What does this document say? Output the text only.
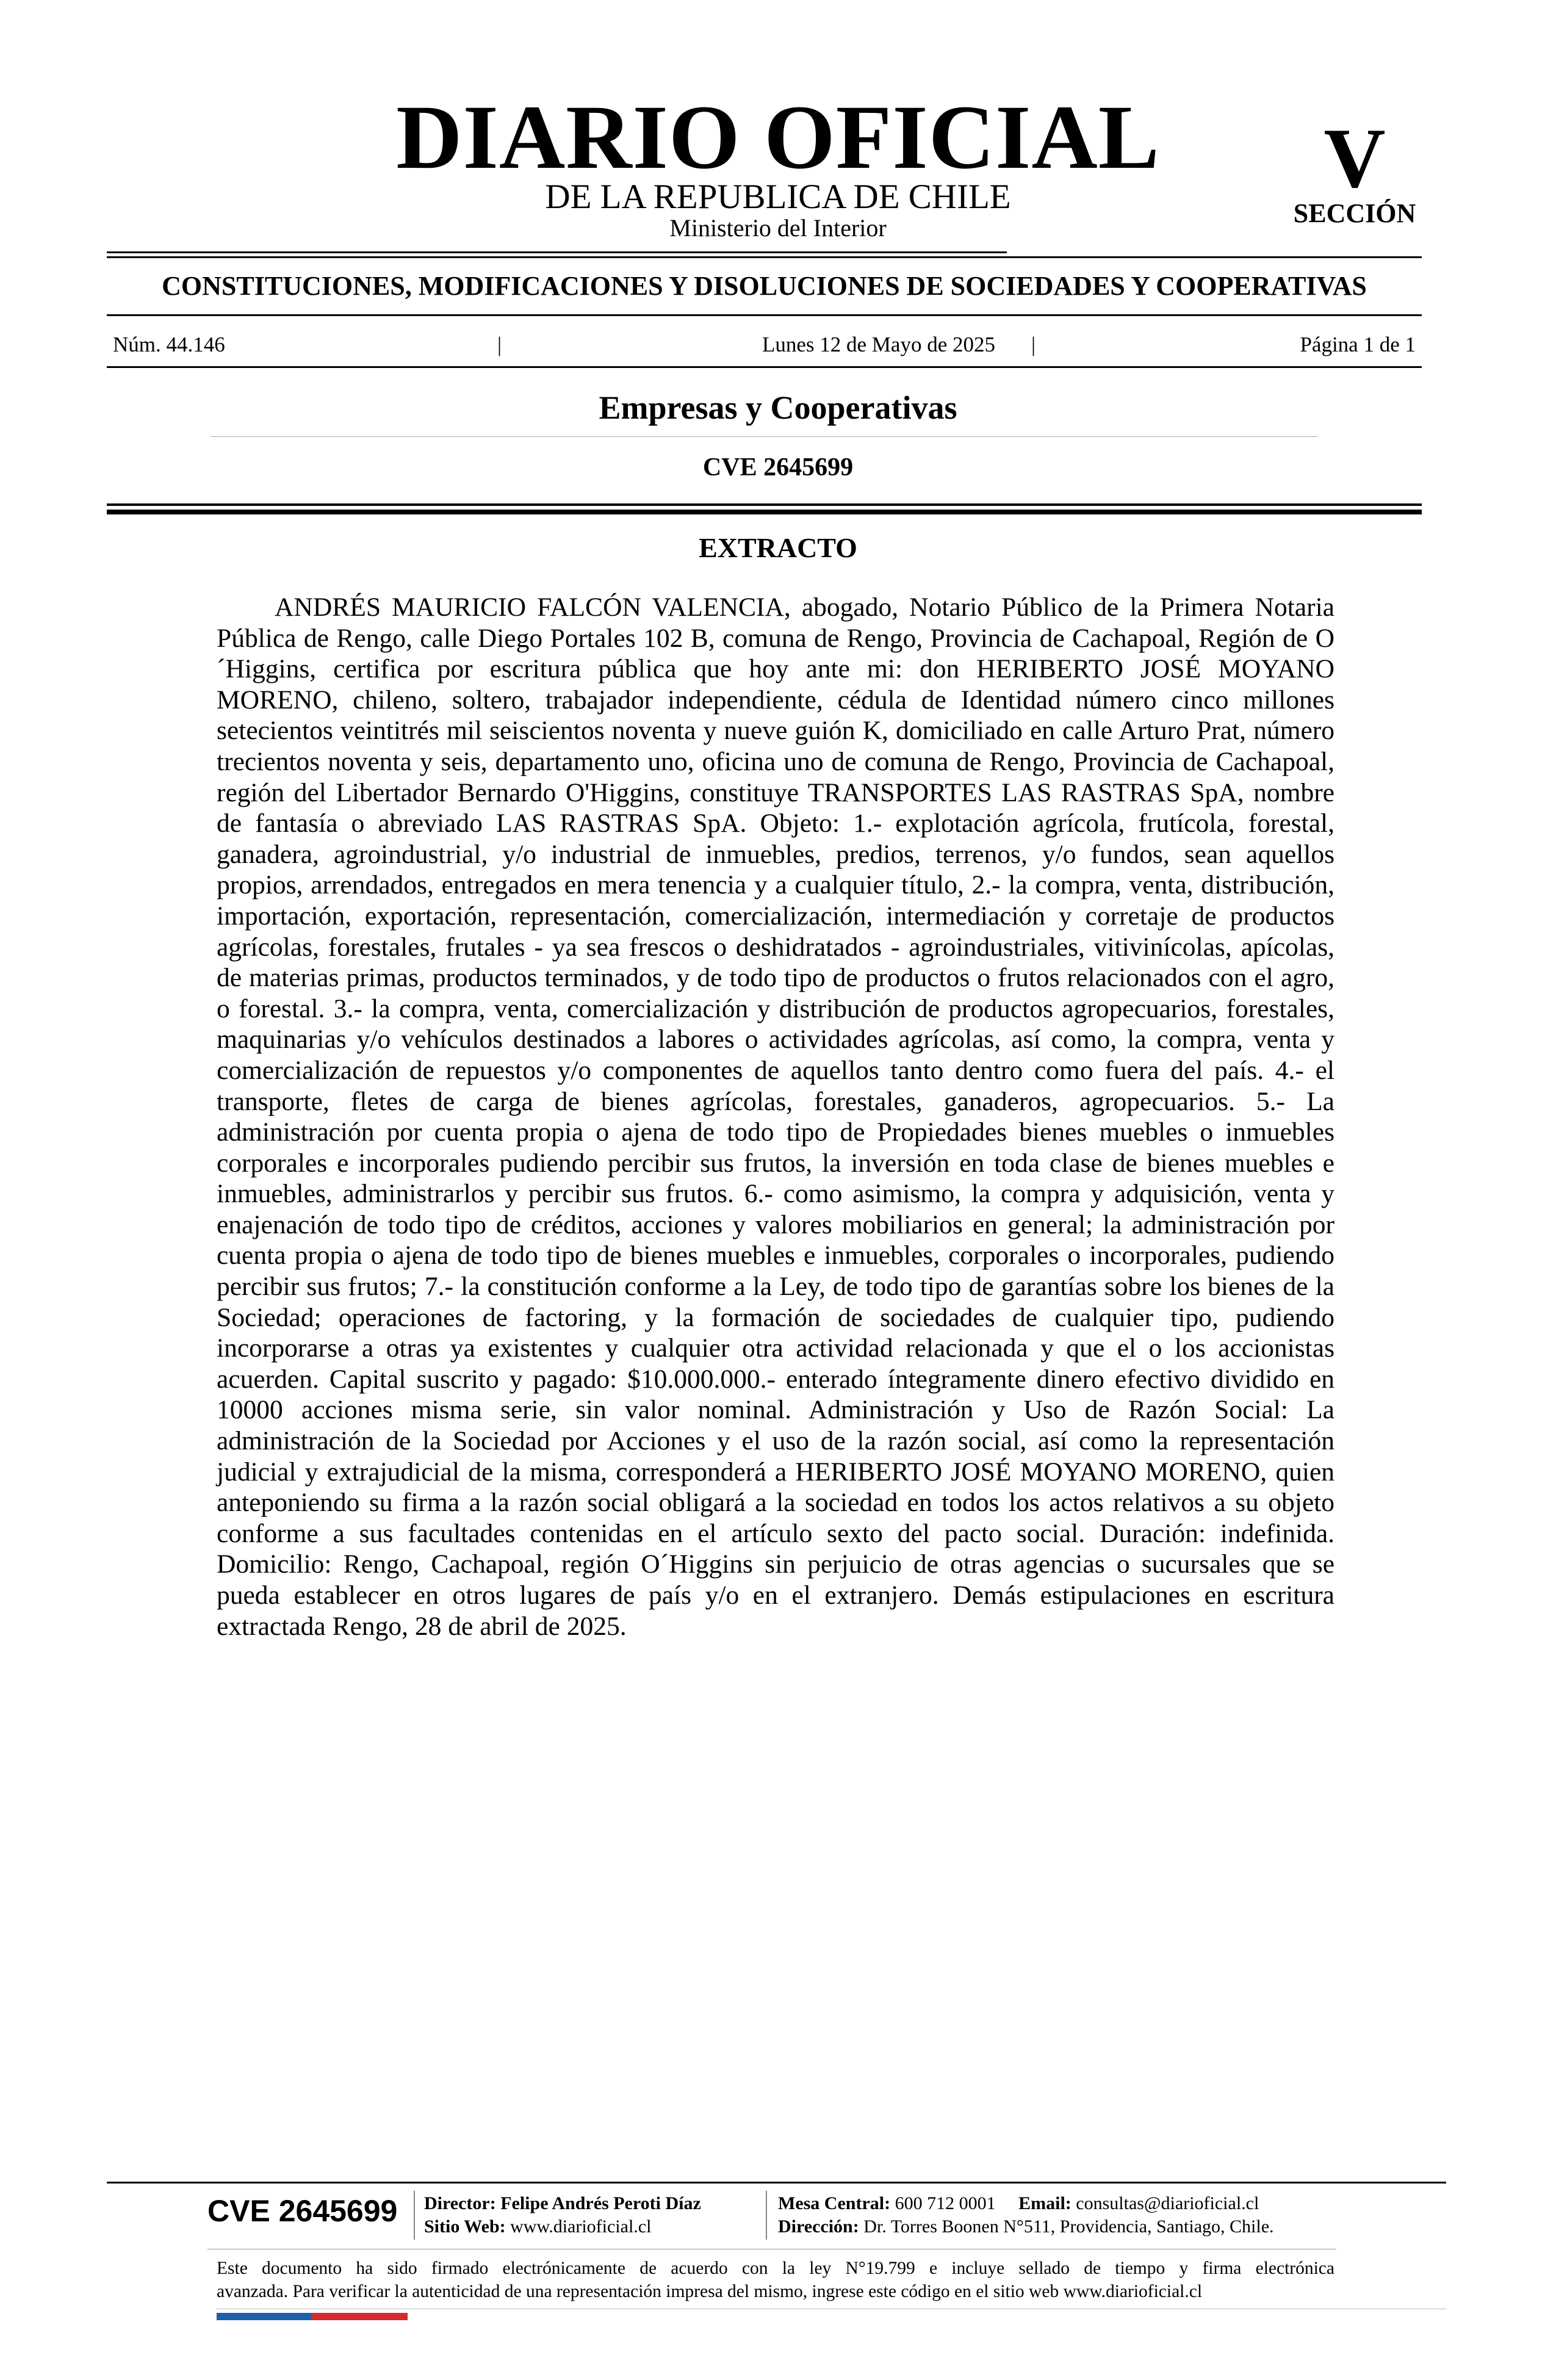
DIARIO OFICIAL
DE LA REPUBLICA DE CHILE
Ministerio del Interior
V
SECCIÓN
CONSTITUCIONES, MODIFICACIONES Y DISOLUCIONES DE SOCIEDADES Y COOPERATIVAS
Núm. 44.146	|	Lunes 12 de Mayo de 2025	|	Página 1 de 1
Empresas y Cooperativas
CVE 2645699
EXTRACTO

ANDRÉS MAURICIO FALCÓN VALENCIA, abogado, Notario Público de la Primera Notaria Pública de Rengo, calle Diego Portales 102 B, comuna de Rengo, Provincia de Cachapoal, Región de O´Higgins, certifica por escritura pública que hoy ante mi: don HERIBERTO JOSÉ MOYANO MORENO, chileno, soltero, trabajador independiente, cédula de Identidad número cinco millones setecientos veintitrés mil seiscientos noventa y nueve guión K, domiciliado en calle Arturo Prat, número trecientos noventa y seis, departamento uno, oficina uno de comuna de Rengo, Provincia de Cachapoal, región del Libertador Bernardo O'Higgins, constituye TRANSPORTES LAS RASTRAS SpA, nombre de fantasía o abreviado LAS RASTRAS SpA. Objeto: 1.- explotación agrícola, frutícola, forestal, ganadera, agroindustrial, y/o industrial de inmuebles, predios, terrenos, y/o fundos, sean aquellos propios, arrendados, entregados en mera tenencia y a cualquier título, 2.- la compra, venta, distribución, importación, exportación, representación, comercialización, intermediación y corretaje de productos agrícolas, forestales, frutales - ya sea frescos o deshidratados - agroindustriales, vitivinícolas, apícolas, de materias primas, productos terminados, y de todo tipo de productos o frutos relacionados con el agro, o forestal. 3.- la compra, venta, comercialización y distribución de productos agropecuarios, forestales, maquinarias y/o vehículos destinados a labores o actividades agrícolas, así como, la compra, venta y comercialización de repuestos y/o componentes de aquellos tanto dentro como fuera del país. 4.- el transporte, fletes de carga de bienes agrícolas, forestales, ganaderos, agropecuarios. 5.- La administración por cuenta propia o ajena de todo tipo de Propiedades bienes muebles o inmuebles corporales e incorporales pudiendo percibir sus frutos, la inversión en toda clase de bienes muebles e inmuebles, administrarlos y percibir sus frutos. 6.- como asimismo, la compra y adquisición, venta y enajenación de todo tipo de créditos, acciones y valores mobiliarios en general; la administración por cuenta propia o ajena de todo tipo de bienes muebles e inmuebles, corporales o incorporales, pudiendo percibir sus frutos; 7.- la constitución conforme a la Ley, de todo tipo de garantías sobre los bienes de la Sociedad; operaciones de factoring, y la formación de sociedades de cualquier tipo, pudiendo incorporarse a otras ya existentes y cualquier otra actividad relacionada y que el o los accionistas acuerden. Capital suscrito y pagado: $10.000.000.- enterado íntegramente dinero efectivo dividido en 10000 acciones misma serie, sin valor nominal. Administración y Uso de Razón Social: La administración de la Sociedad por Acciones y el uso de la razón social, así como la representación judicial y extrajudicial de la misma, corresponderá a HERIBERTO JOSÉ MOYANO MORENO, quien anteponiendo su firma a la razón social obligará a la sociedad en todos los actos relativos a su objeto conforme a sus facultades contenidas en el artículo sexto del pacto social. Duración: indefinida. Domicilio: Rengo, Cachapoal, región O´Higgins sin perjuicio de otras agencias o sucursales que se pueda establecer en otros lugares de país y/o en el extranjero. Demás estipulaciones en escritura extractada Rengo, 28 de abril de 2025.

CVE 2645699 Director: Felipe Andrés Peroti Díaz
Sitio Web: www.diarioficial.cl
Mesa Central: 600 712 0001 Email: consultas@diarioficial.cl
Dirección: Dr. Torres Boonen N°511, Providencia, Santiago, Chile.
Este documento ha sido firmado electrónicamente de acuerdo con la ley N°19.799 e incluye sellado de tiempo y firma electrónica
avanzada. Para verificar la autenticidad de una representación impresa del mismo, ingrese este código en el sitio web www.diarioficial.cl
